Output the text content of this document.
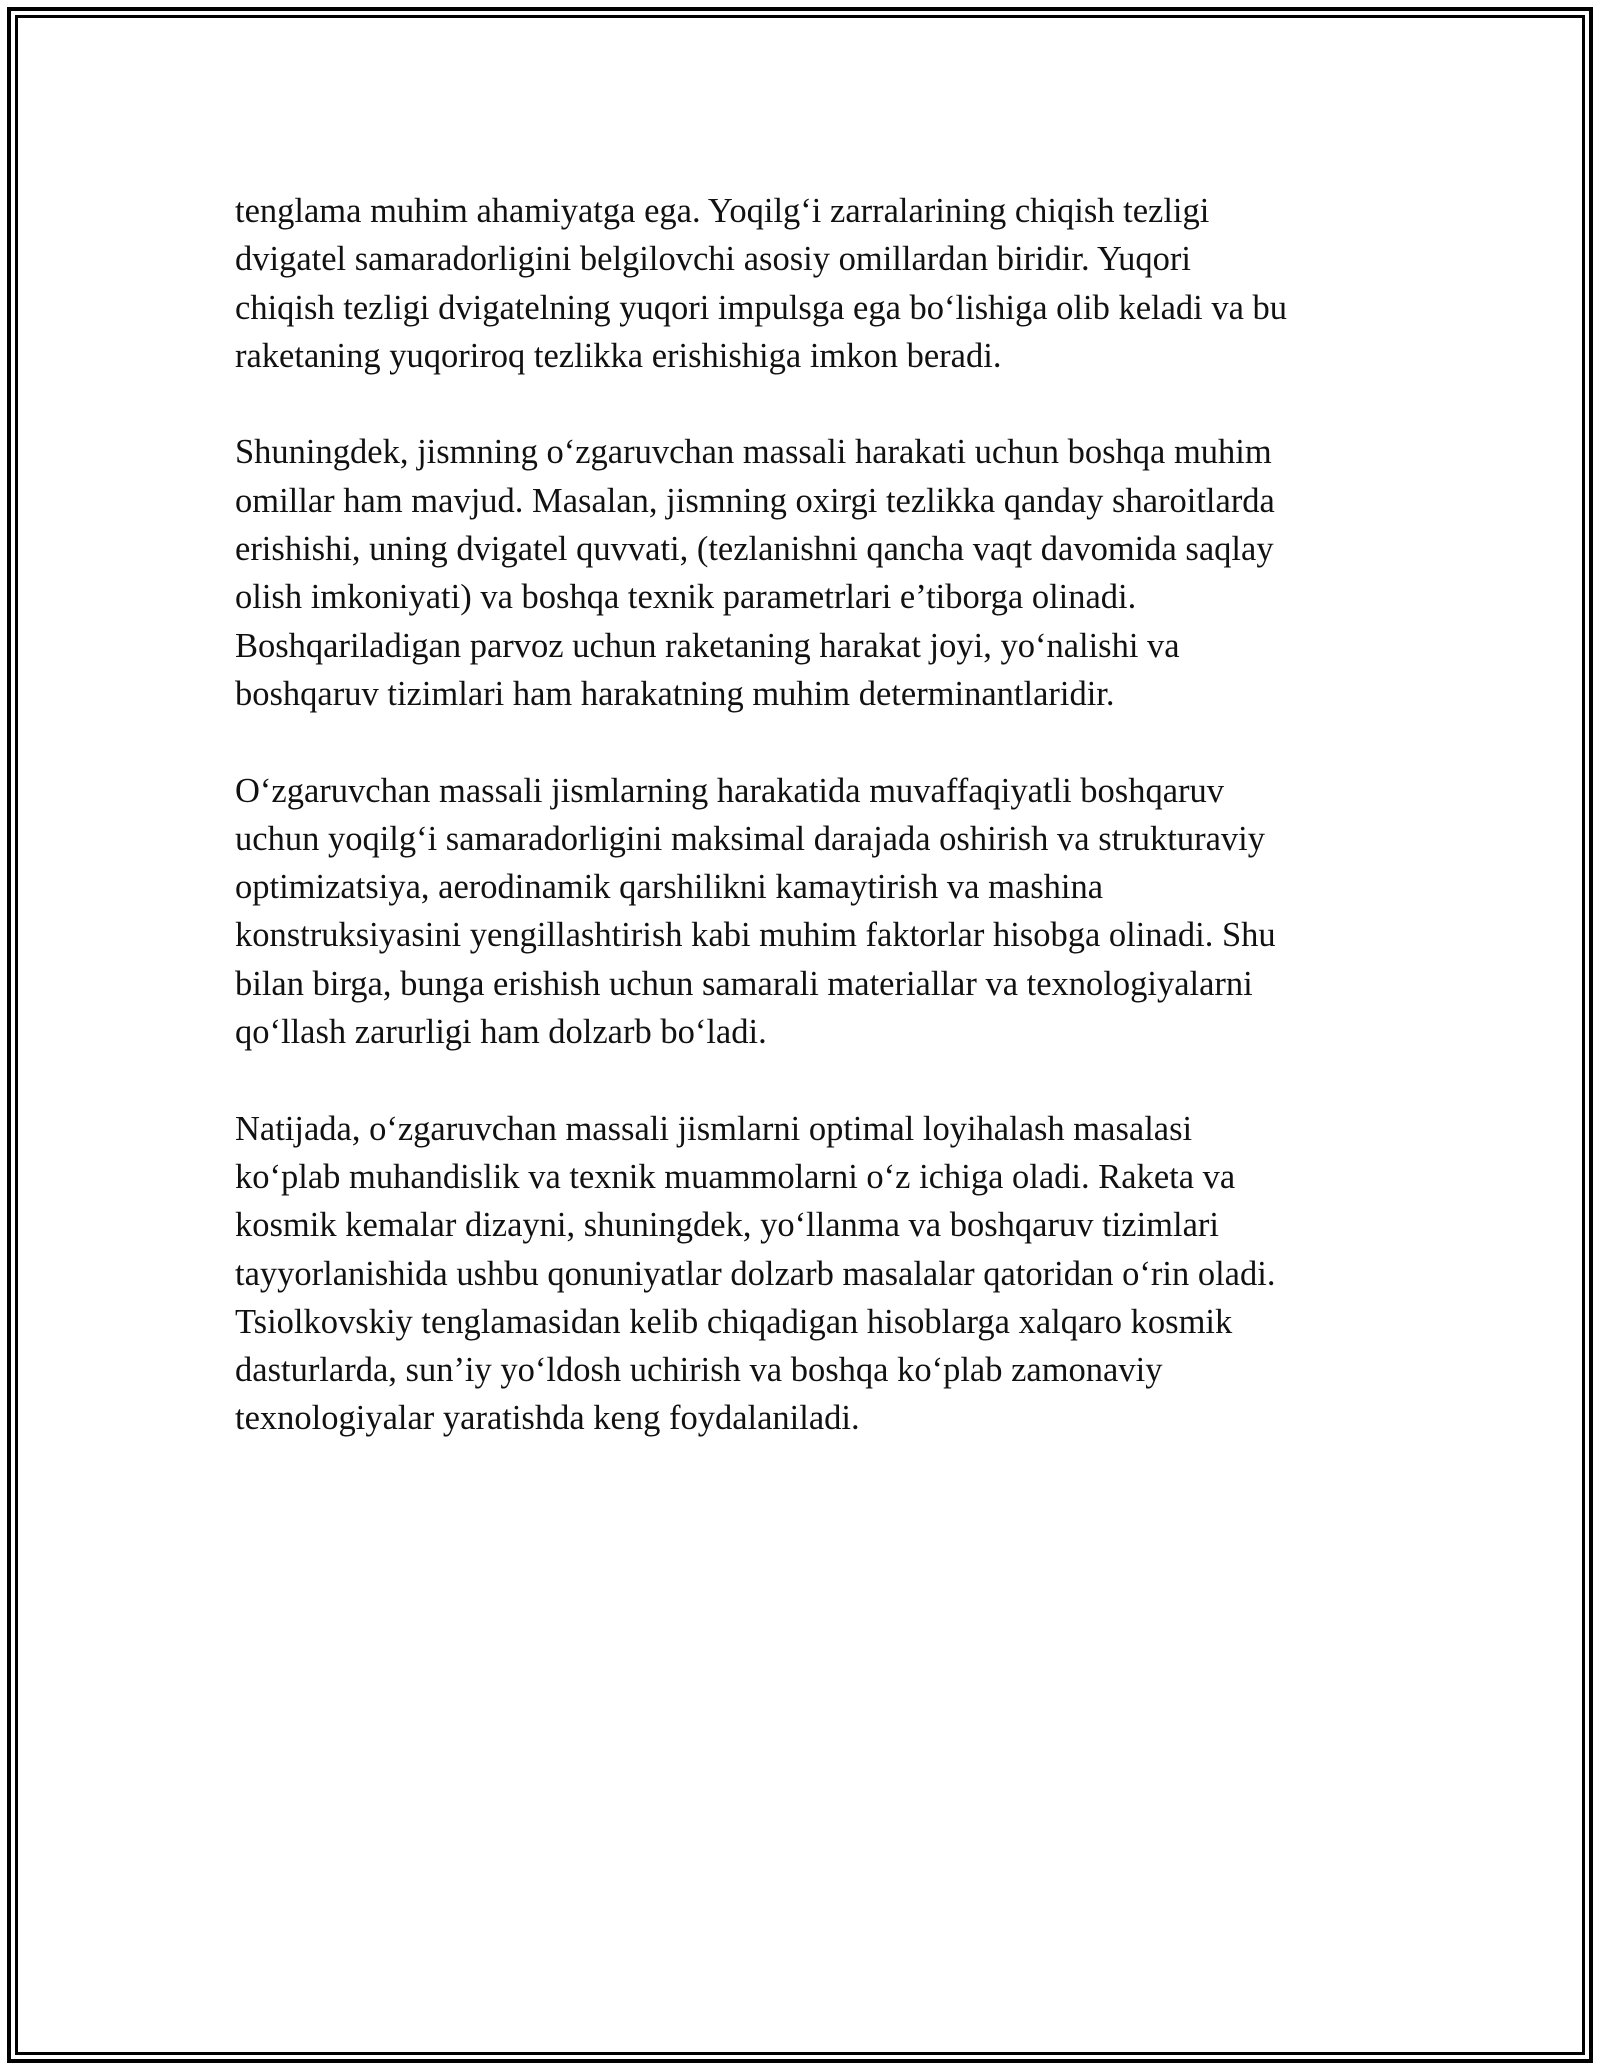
tenglama muhim ahamiyatga ega. Yoqilg‘i zarralarining chiqish tezligi
dvigatel samaradorligini belgilovchi asosiy omillardan biridir. Yuqori
chiqish tezligi dvigatelning yuqori impulsga ega bo‘lishiga olib keladi va bu
raketaning yuqoriroq tezlikka erishishiga imkon beradi.

Shuningdek, jismning o‘zgaruvchan massali harakati uchun boshqa muhim
omillar ham mavjud. Masalan, jismning oxirgi tezlikka qanday sharoitlarda
erishishi, uning dvigatel quvvati, (tezlanishni qancha vaqt davomida saqlay
olish imkoniyati) va boshqa texnik parametrlari e’tiborga olinadi.
Boshqariladigan parvoz uchun raketaning harakat joyi, yo‘nalishi va
boshqaruv tizimlari ham harakatning muhim determinantlaridir.

O‘zgaruvchan massali jismlarning harakatida muvaffaqiyatli boshqaruv
uchun yoqilg‘i samaradorligini maksimal darajada oshirish va strukturaviy
optimizatsiya, aerodinamik qarshilikni kamaytirish va mashina
konstruksiyasini yengillashtirish kabi muhim faktorlar hisobga olinadi. Shu
bilan birga, bunga erishish uchun samarali materiallar va texnologiyalarni
qo‘llash zarurligi ham dolzarb bo‘ladi.

Natijada, o‘zgaruvchan massali jismlarni optimal loyihalash masalasi
ko‘plab muhandislik va texnik muammolarni o‘z ichiga oladi. Raketa va
kosmik kemalar dizayni, shuningdek, yo‘llanma va boshqaruv tizimlari
tayyorlanishida ushbu qonuniyatlar dolzarb masalalar qatoridan o‘rin oladi.
Tsiolkovskiy tenglamasidan kelib chiqadigan hisoblarga xalqaro kosmik
dasturlarda, sun’iy yo‘ldosh uchirish va boshqa ko‘plab zamonaviy
texnologiyalar yaratishda keng foydalaniladi.
